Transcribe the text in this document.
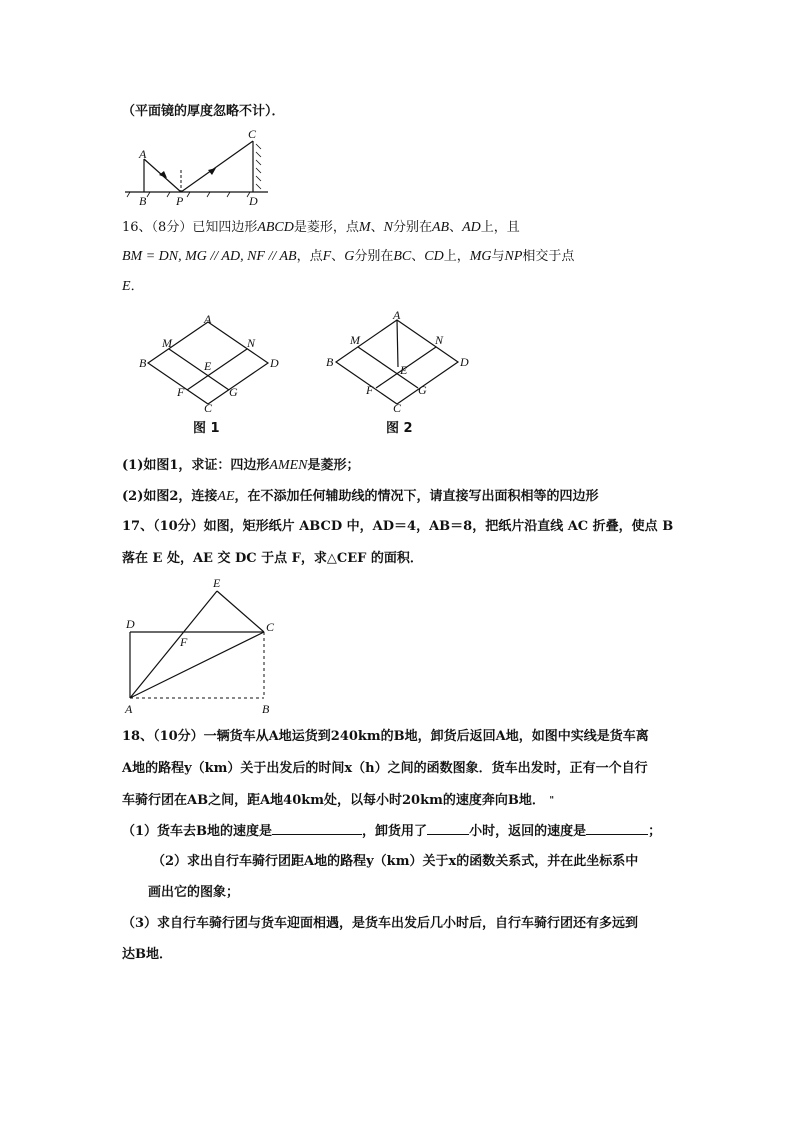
（平面镜的厚度忽略不计）．
A
B P	D
C
16、（8分）已知四边形ABCD是菱形，点M、N分别在AB、AD上，且
BM = DN, MG // AD, NF // AB，点F、G分别在BC、CD上，MG与NP相交于点
E．
A
M	N
B	D
E
F	G
C
图 1
A
M	N
B	D
E
F	G
C
图 2
(1)如图1，求证：四边形AMEN是菱形；
(2)如图2，连接AE，在不添加任何辅助线的情况下，请直接写出面积相等的四边形
17、（10分）如图，矩形纸片 ABCD 中，AD＝4，AB＝8，把纸片沿直线 AC 折叠，使点 B
落在 E 处，AE 交 DC 于点 F，求△CEF 的面积．
E
D
F
C
A	B
18、（10分）一辆货车从A地运货到240km的B地，卸货后返回A地，如图中实线是货车离
A地的路程y（km）关于出发后的时间x（h）之间的函数图象．货车出发时，正有一个自行
车骑行团在AB之间，距A地40km处，以每小时20km的速度奔向B地． "
（1）货车去B地的速度是	，卸货用了	小时，返回的速度是	；
（2）求出自行车骑行团距A地的路程y（km）关于x的函数关系式，并在此坐标系中
画出它的图象；
（3）求自行车骑行团与货车迎面相遇，是货车出发后几小时后，自行车骑行团还有多远到
达B地．
